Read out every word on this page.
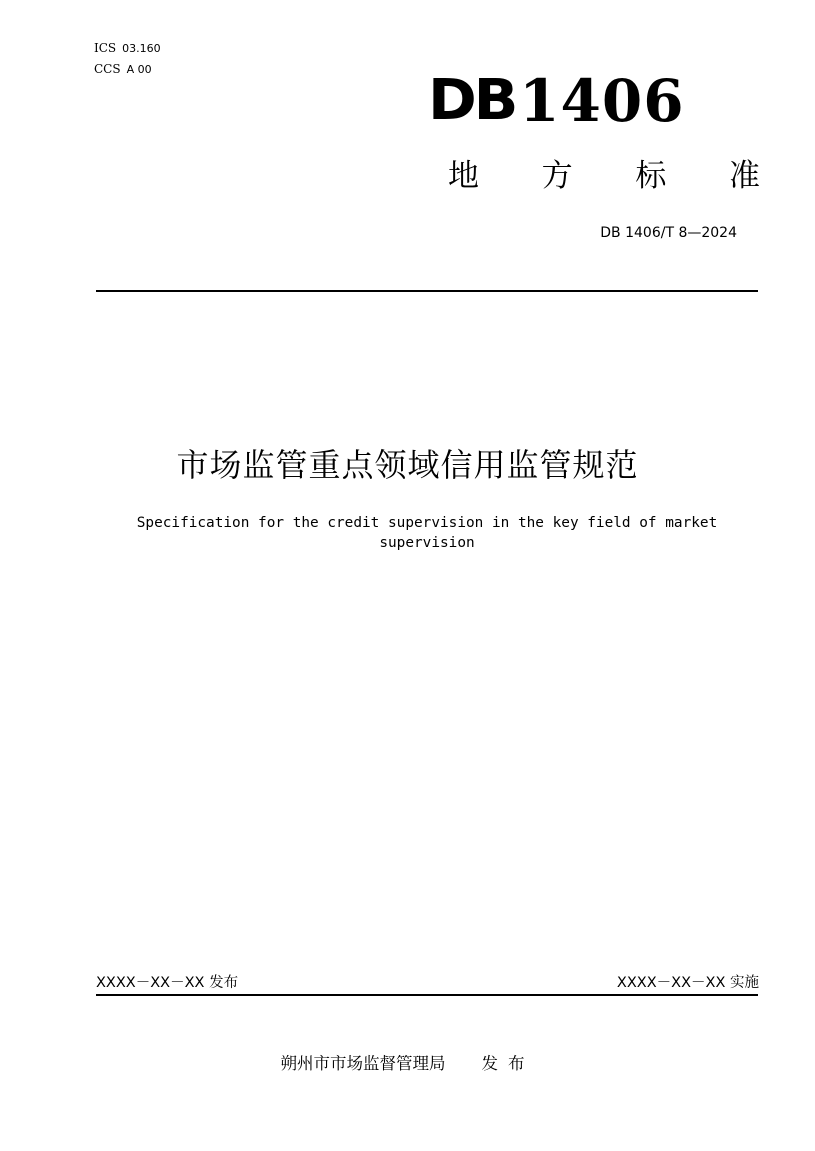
ICS 03.160
CCS A 00	DB 1406
地 方 标 准
DB 1406/T 8—2024
市场监管重点领域信用监管规范
Specification for the credit supervision in the key field of market supervision
XXXX－XX－XX 发布	XXXX－XX－XX 实施
朔州市市场监督管理局 发布
